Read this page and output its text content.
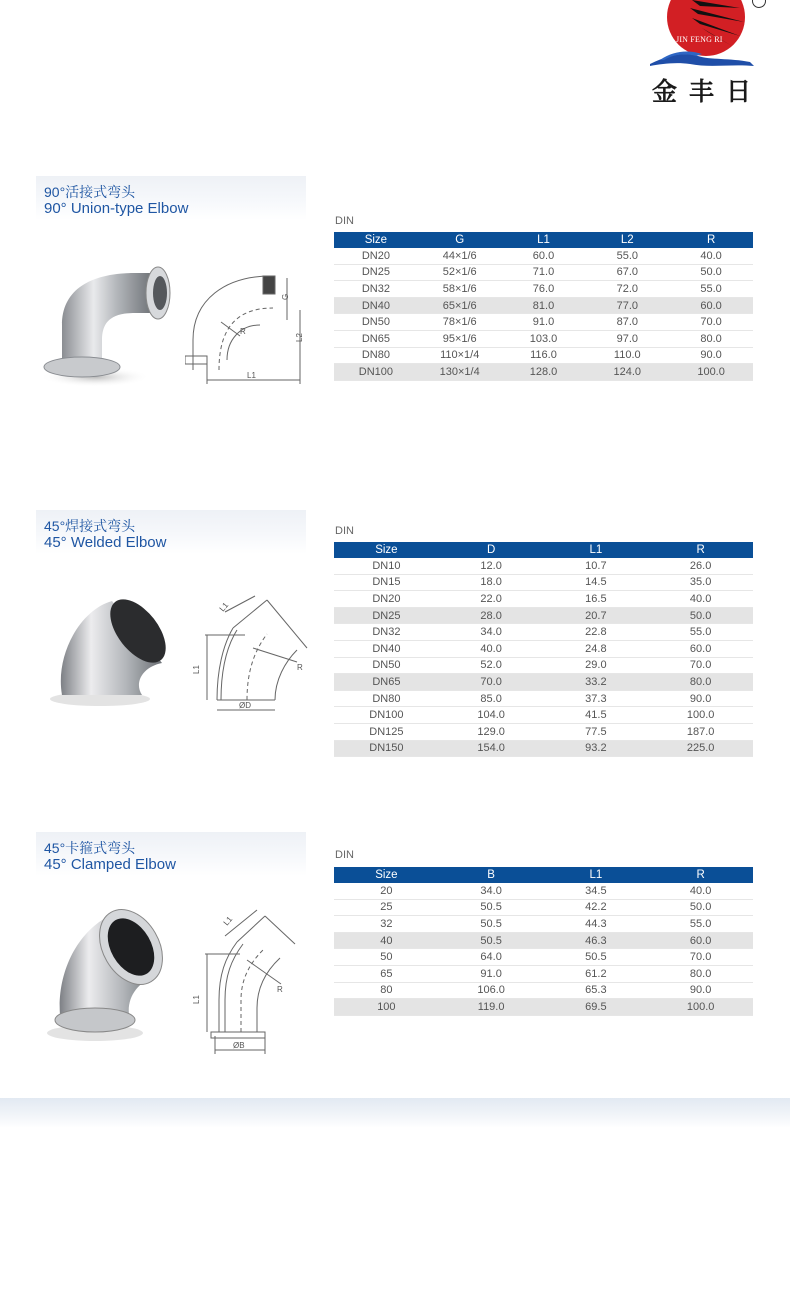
JIN FENG RI
金丰日
90°活接式弯头
90° Union-type Elbow
G
R
L2
L1
DIN
Size	G	L1	L2	R
DN20	44×1/6	60.0	55.0	40.0
DN25	52×1/6	71.0	67.0	50.0
DN32	58×1/6	76.0	72.0	55.0
DN40	65×1/6	81.0	77.0	60.0
DN50	78×1/6	91.0	87.0	70.0
DN65	95×1/6	103.0	97.0	80.0
DN80	110×1/4	116.0	110.0	90.0
DN100	130×1/4	128.0	124.0	100.0
45°焊接式弯头
45° Welded Elbow
L1
L1	R
ØD
DIN
Size	D	L1	R
DN10	12.0	10.7	26.0
DN15	18.0	14.5	35.0
DN20	22.0	16.5	40.0
DN25	28.0	20.7	50.0
DN32	34.0	22.8	55.0
DN40	40.0	24.8	60.0
DN50	52.0	29.0	70.0
DN65	70.0	33.2	80.0
DN80	85.0	37.3	90.0
DN100	104.0	41.5	100.0
DN125	129.0	77.5	187.0
DN150	154.0	93.2	225.0
45°卡箍式弯头
45° Clamped Elbow
L1
L1
R
ØB
DIN
Size	B	L1	R
20	34.0	34.5	40.0
25	50.5	42.2	50.0
32	50.5	44.3	55.0
40	50.5	46.3	60.0
50	64.0	50.5	70.0
65	91.0	61.2	80.0
80	106.0	65.3	90.0
100	119.0	69.5	100.0
